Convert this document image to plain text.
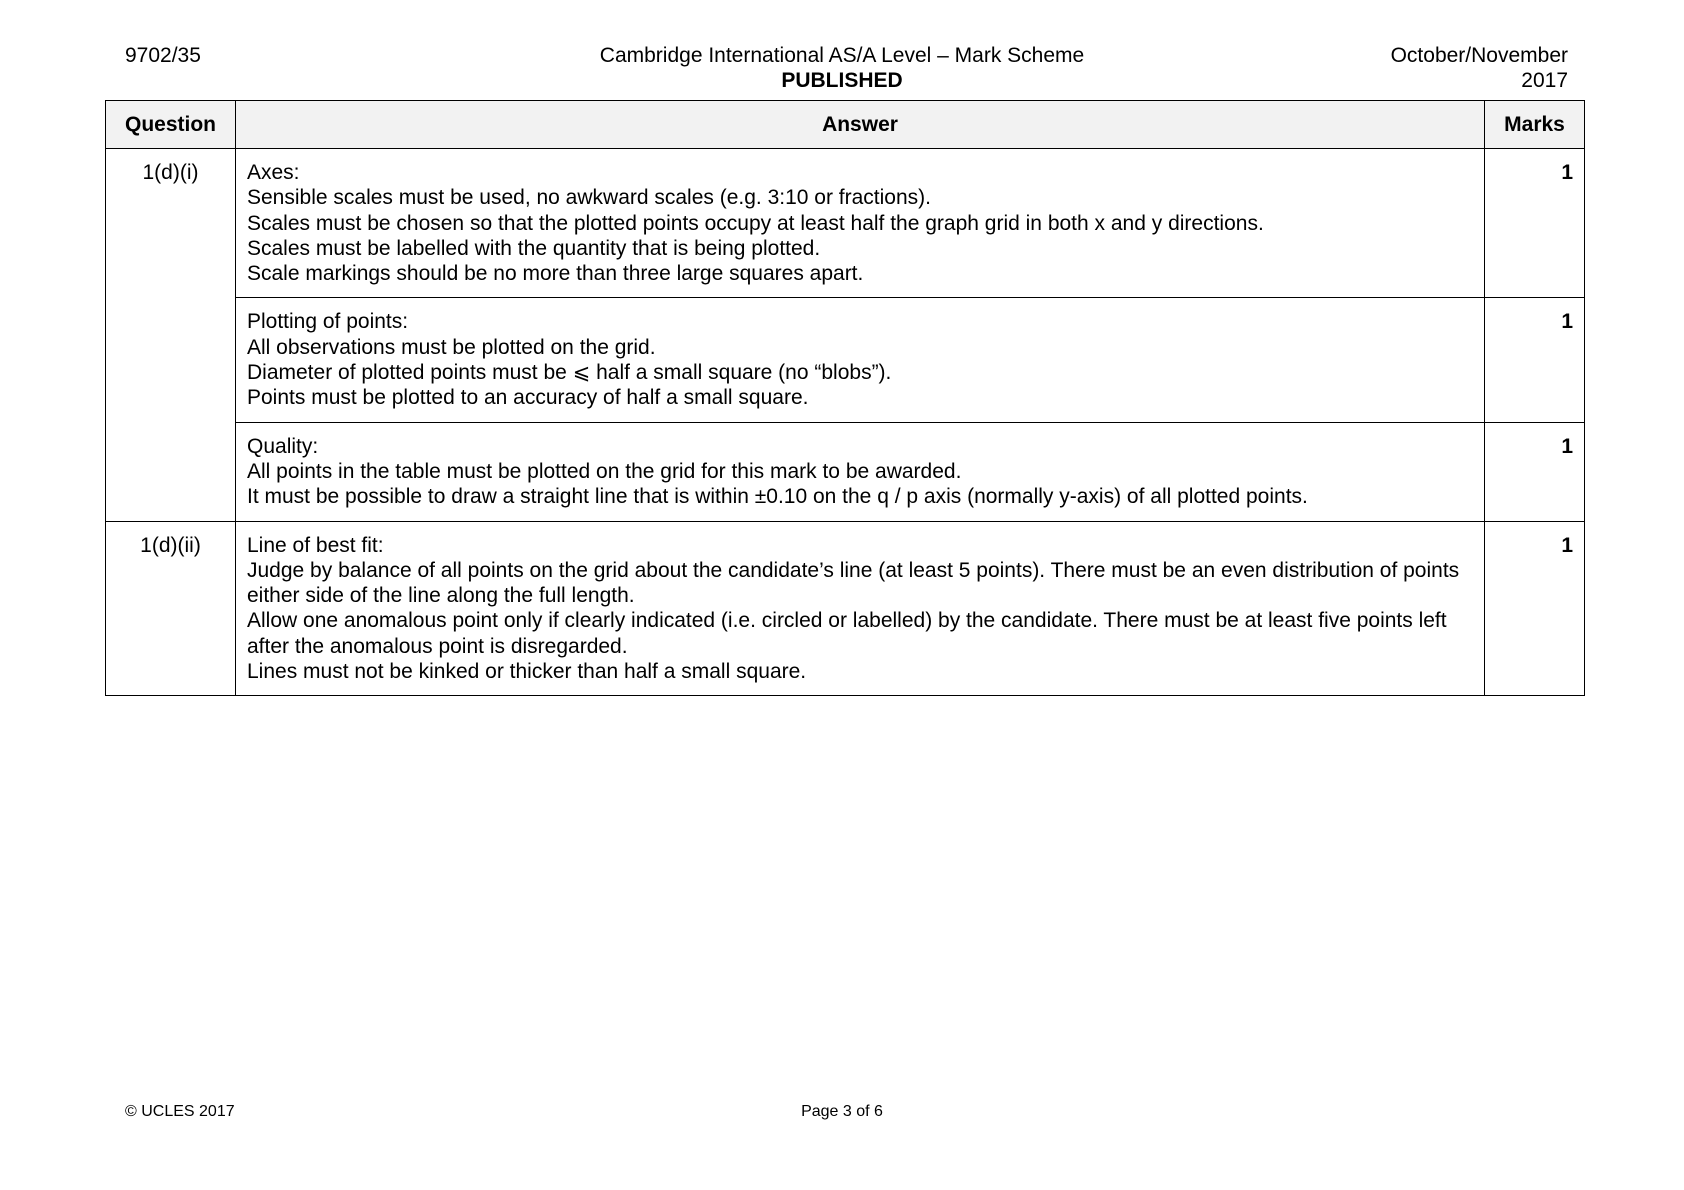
9702/35	Cambridge International AS/A Level – Mark Scheme
PUBLISHED
October/November
2017
Question	Answer	Marks
1(d)(i)	Axes:
Sensible scales must be used, no awkward scales (e.g. 3:10 or fractions).
Scales must be chosen so that the plotted points occupy at least half the graph grid in both x and y directions.
Scales must be labelled with the quantity that is being plotted.
Scale markings should be no more than three large squares apart.	1

	Plotting of points:
All observations must be plotted on the grid.
Diameter of plotted points must be ⩽ half a small square (no “blobs”).
Points must be plotted to an accuracy of half a small square.	1

	Quality:
All points in the table must be plotted on the grid for this mark to be awarded.
It must be possible to draw a straight line that is within ±0.10 on the q / p axis (normally y-axis) of all plotted points.	1
1(d)(ii)	Line of best fit:
Judge by balance of all points on the grid about the candidate’s line (at least 5 points). There must be an even distribution of points either side of the line along the full length.
Allow one anomalous point only if clearly indicated (i.e. circled or labelled) by the candidate. There must be at least five points left after the anomalous point is disregarded.
Lines must not be kinked or thicker than half a small square.	1
© UCLES 2017	Page 3 of 6
